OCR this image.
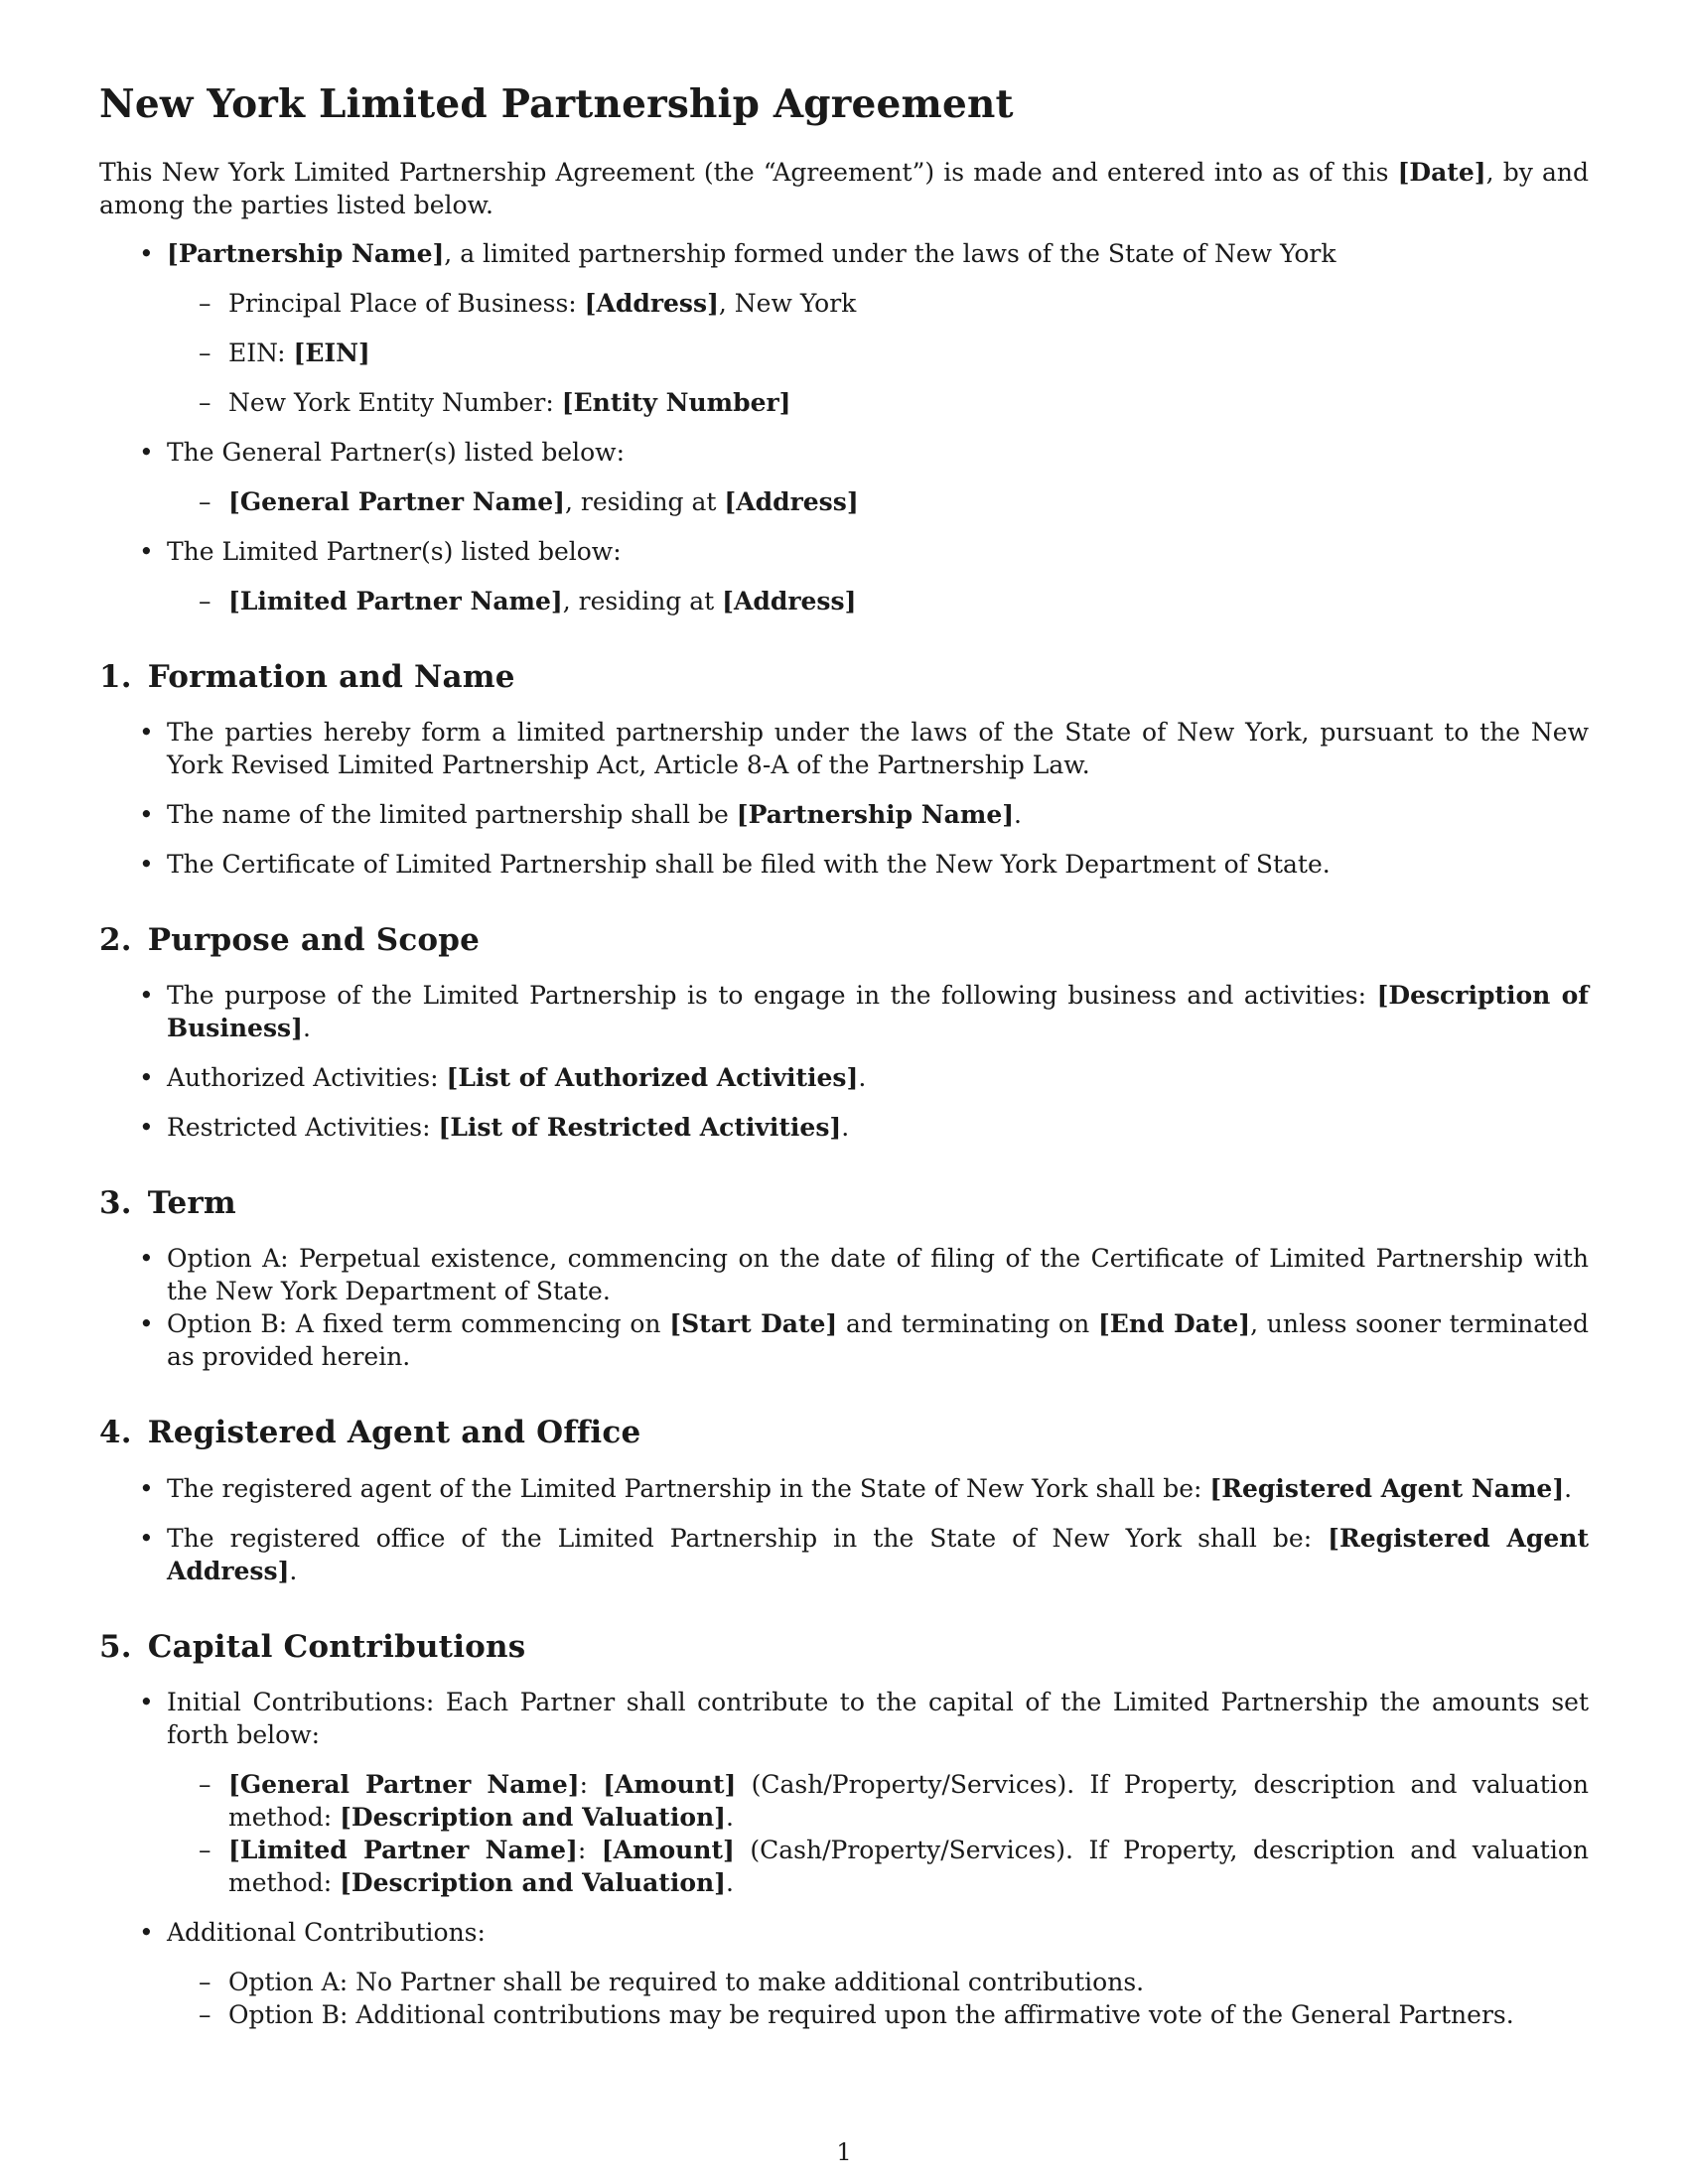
New York Limited Partnership Agreement

This New York Limited Partnership Agreement (the “Agreement”) is made and entered into as of this [Date], by and among the parties listed below.

• [Partnership Name], a limited partnership formed under the laws of the State of New York
– Principal Place of Business: [Address], New York
– EIN: [EIN]
– New York Entity Number: [Entity Number]
• The General Partner(s) listed below:
– [General Partner Name], residing at [Address]
• The Limited Partner(s) listed below:
– [Limited Partner Name], residing at [Address]
1. Formation and Name
• The parties hereby form a limited partnership under the laws of the State of New York, pursuant to the New York Revised Limited Partnership Act, Article 8-A of the Partnership Law.
• The name of the limited partnership shall be [Partnership Name].
• The Certificate of Limited Partnership shall be filed with the New York Department of State.
2. Purpose and Scope
• The purpose of the Limited Partnership is to engage in the following business and activities: [Description of Business].
• Authorized Activities: [List of Authorized Activities].
• Restricted Activities: [List of Restricted Activities].
3. Term
• Option A: Perpetual existence, commencing on the date of filing of the Certificate of Limited Partnership with the New York Department of State.
• Option B: A fixed term commencing on [Start Date] and terminating on [End Date], unless sooner terminated as provided herein.
4. Registered Agent and Office
• The registered agent of the Limited Partnership in the State of New York shall be: [Registered Agent Name].
• The registered office of the Limited Partnership in the State of New York shall be: [Registered Agent Address].
5. Capital Contributions
• Initial Contributions: Each Partner shall contribute to the capital of the Limited Partnership the amounts set forth below:
– [General Partner Name]: [Amount] (Cash/Property/Services). If Property, description and valuation method: [Description and Valuation].
– [Limited Partner Name]: [Amount] (Cash/Property/Services). If Property, description and valuation method: [Description and Valuation].
• Additional Contributions:
– Option A: No Partner shall be required to make additional contributions.
– Option B: Additional contributions may be required upon the affirmative vote of the General Partners.
1
